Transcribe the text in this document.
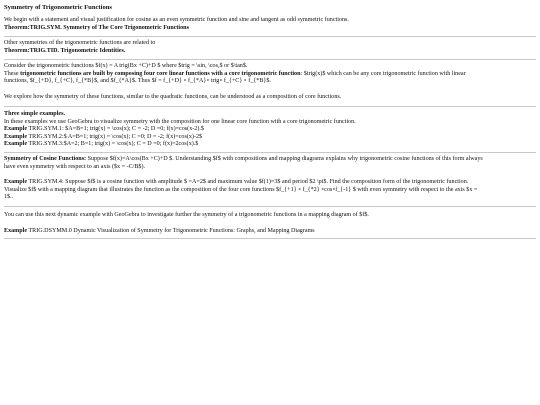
Symmetry of Trigonometric Functions

We begin with a statement and visual justification for cosine as an even symmetric function and sine and tangent as odd symmetric functions.

Theorem:TRIG.SYM. Symmetry of The Core Trigonometric Functions

Other symmetries of the trigonometric functions are related to

Theorem:TRIG.TID. Trigonometric Identities.

Consider the trigonometric functions $f(x) = A trig(Bx +C)+D $ where $trig = \sin, \cos,$ or $\tan$.

These trigonometric functions are built by composing four core linear functions with a core trigonometric function: $trig(x)$ which can be any core trigonometric function with linear

functions, $f_{+D}, f_{+C}, f_{*B}$, and $f_{*A}$. Thus $f = f_{+D} ∘ f_{*A}∘ trig∘ f_{+C} ∘ f_{*B}$.

We explore how the symmetry of these functions, similar to the quadratic functions, can be understood as a composition of core functions.

Three simple examples.

In these examples we use GeoGebra to visualize symmetry with the composition for one linear core function with a core trigonometric function.

Example TRIG.SYM.1: $A=B=1; trig(x) = \cos(x); C = -2; D =0; f(x)=cos(x-2).$

Example TRIG.SYM.2:$ A=B=1; trig(x) = \cos(x); C =0; D = -2; f(x)=cos(x)-2$

Example TRIG.SYM.3:$A=2; B=1; trig(x) = \cos(x); C = D =0; f(x)=2cos(x).$

Symmetry of Cosine Functions: Suppose $f(x)=A\cos(Bx +C)+D $. Understanding $f$ with compositions and mapping diagrams explains why trigonometric cosine functions of this form always

have even symmetry with respect to an axis ($x = -C/B$).

Example TRIG.SYM.4: Suppose $f$ is a cosine function with amplitude $ =A=2$ and maximum value $f(1)=3$ and period $2 \pi$. Find the composition form of the trigonometric function.

Visualize $f$ with a mapping diagram that illustrates the function as the composition of the four core functions $f_{+1} ∘ f_{*2} ∘cos∘f_{-1} $ with even symmetry with respect to the axis $x =

1$..

You can use this next dynamic example with GeoGebra to investigate further the symmetry of a trigonometric functions in a mapping diagram of $f$.
Example TRIG.DSYMM.0 Dynamic Visualization of Symmetry for Trigonometric Functions: Graphs, and Mapping Diagrams
